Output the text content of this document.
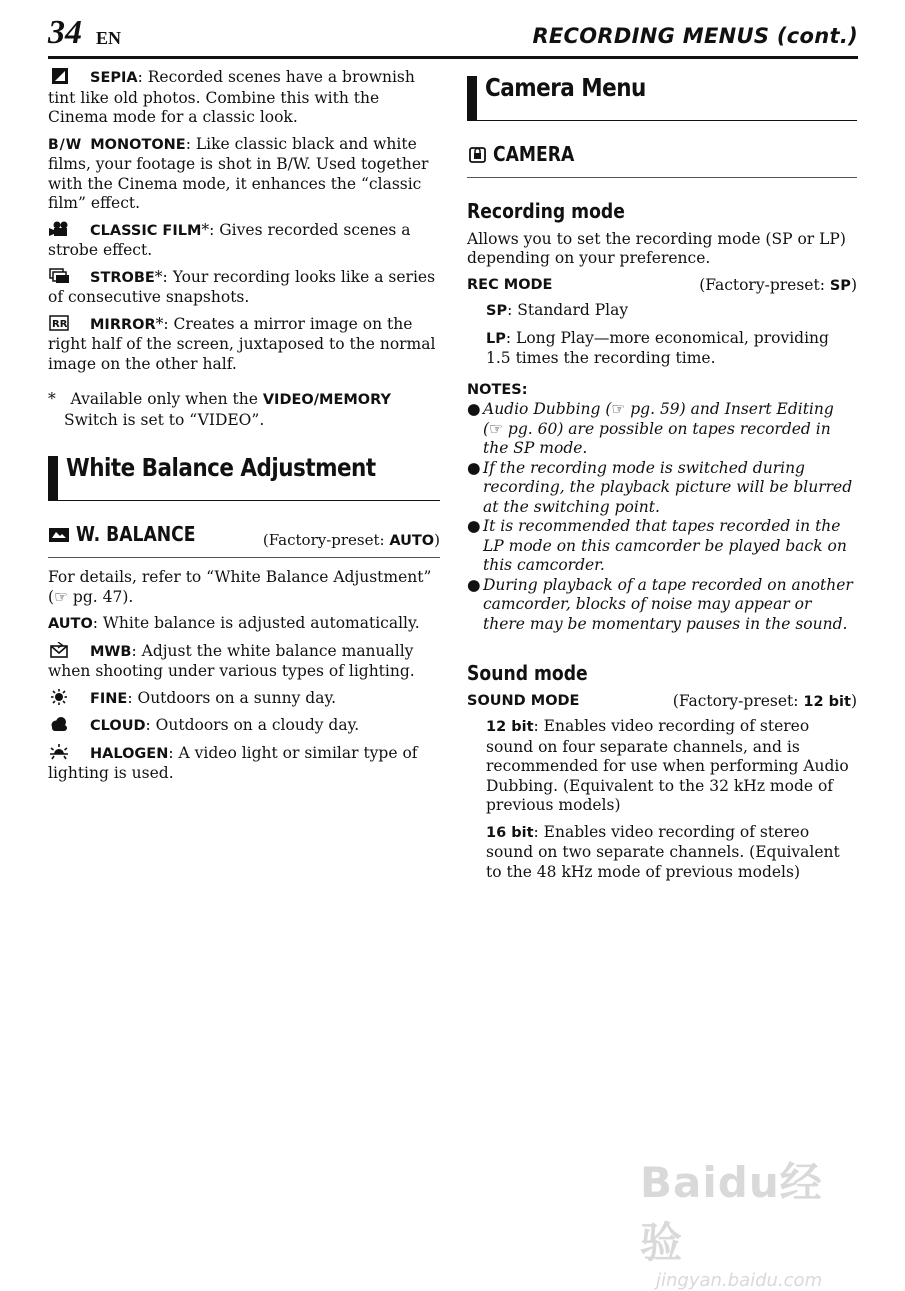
34 EN	RECORDING MENUS (cont.)

SEPIA: Recorded scenes have a brownish tint like old photos. Combine this with the Cinema mode for a classic look.

B/W MONOTONE: Like classic black and white films, your footage is shot in B/W. Used together with the Cinema mode, it enhances the “classic film” effect.

CLASSIC FILM*: Gives recorded scenes a strobe effect.

STROBE*: Your recording looks like a series of consecutive snapshots.

RR MIRROR*: Creates a mirror image on the right half of the screen, juxtaposed to the normal image on the other half.

* Available only when the VIDEO/MEMORY Switch is set to “VIDEO”.

White Balance Adjustment
W. BALANCE	(Factory-preset: AUTO)

For details, refer to “White Balance Adjustment” (☞ pg. 47).

AUTO: White balance is adjusted automatically.

MWB: Adjust the white balance manually when shooting under various types of lighting.

FINE: Outdoors on a sunny day.

CLOUD: Outdoors on a cloudy day.

HALOGEN: A video light or similar type of lighting is used.

Camera Menu
CAMERA
Recording mode

Allows you to set the recording mode (SP or LP) depending on your preference.

REC MODE	(Factory-preset: SP)

SP: Standard Play

LP: Long Play—more economical, providing 1.5 times the recording time.

NOTES:

● Audio Dubbing (☞ pg. 59) and Insert Editing (☞ pg. 60) are possible on tapes recorded in the SP mode.

● If the recording mode is switched during recording, the playback picture will be blurred at the switching point.

● It is recommended that tapes recorded in the LP mode on this camcorder be played back on this camcorder.

● During playback of a tape recorded on another camcorder, blocks of noise may appear or there may be momentary pauses in the sound.

Sound mode
SOUND MODE	(Factory-preset: 12 bit)

12 bit: Enables video recording of stereo sound on four separate channels, and is recommended for use when performing Audio Dubbing. (Equivalent to the 32 kHz mode of previous models)

16 bit: Enables video recording of stereo sound on two separate channels. (Equivalent to the 48 kHz mode of previous models)

Baidu经验
jingyan.baidu.com
